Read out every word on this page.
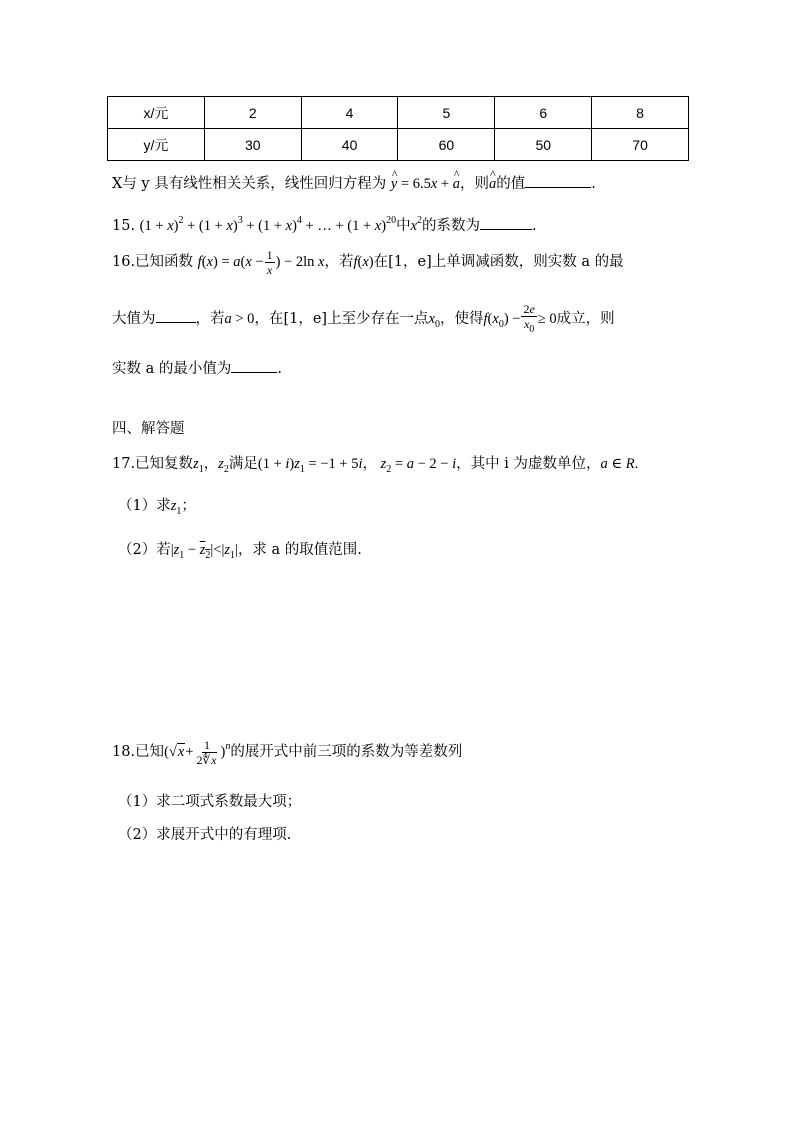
x/元	2	4	5	6	8
y/元	30	40	60	50	70
X与 y 具有线性相关关系，线性回归方程为 ^ y = 6.5x + ^ a，则^ a的值	.
15. $(1 + x)^2 + (1 + x)^3 + (1 + x)^4$ + … + $(1 + x)^{20}$中$x^2$的系数为	.
16.已知函数 $f(x) = a(x - \frac{1}{x}$ ) − 2ln x，若f(x)在[1，e]上单调减函数，则实数 a 的最
大值为	，若a > 0，在[1，e]上至少存在一点$x_0$，使得$f(x_0) - \frac{2e}{x_0} \ge 0$成立，则
实数 a 的最小值为	.
四、解答题
17.已知复数$z_1$，$z_2$满足$(1 + i)z_1 = -1 + 5i$， $z_2 = a - 2 - i$，其中 i 为虚数单位，a ∈ R.
（1）求$z_1$；
（2）若$|z_1 - z_2|<|z_1|$，求 a 的取值范围.
18.已知$(√x+ \frac{1}{2∜x} )^n$的展开式中前三项的系数为等差数列
（1）求二项式系数最大项；
（2）求展开式中的有理项.
